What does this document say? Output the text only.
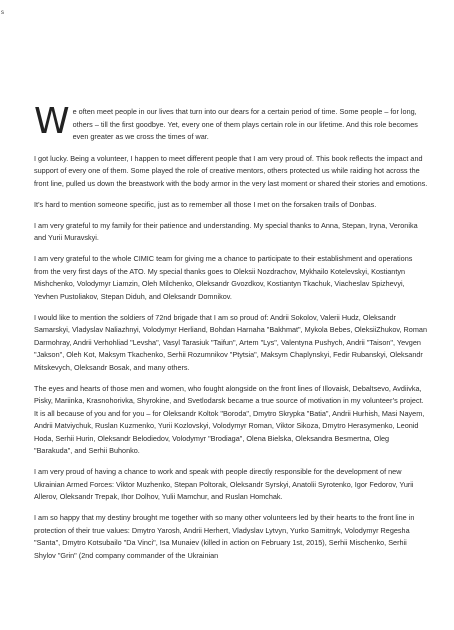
s

We often meet people in our lives that turn into our dears for a certain period of time. Some people – for long, others – till the first goodbye. Yet, every one of them plays certain role in our lifetime. And this role becomes even greater as we cross the times of war.

I got lucky. Being a volunteer, I happen to meet different people that I am very proud of. This book reflects the impact and support of every one of them. Some played the role of creative mentors, others protected us while raiding hot across the front line, pulled us down the breastwork with the body armor in the very last moment or shared their stories and emotions.

It’s hard to mention someone specific, just as to remember all those I met on the forsaken trails of Donbas.

I am very grateful to my family for their patience and understanding. My special thanks to Anna, Stepan, Iryna, Veronika and Yurii Muravskyi.

I am very grateful to the whole CIMIC team for giving me a chance to participate to their establishment and operations from the very first days of the ATO. My special thanks goes to Oleksii Nozdrachov, Mykhailo Kotelevskyi, Kostiantyn Mishchenko, Volodymyr Liamzin, Oleh Milchenko, Oleksandr Gvozdkov, Kostiantyn Tkachuk, Viacheslav Spizhevyi, Yevhen Pustoliakov, Stepan Diduh, and Oleksandr Domnikov.

I would like to mention the soldiers of 72nd brigade that I am so proud of: Andrii Sokolov, Valerii Hudz, Oleksandr Samarskyi, Vladyslav Naliazhnyi, Volodymyr Herliand, Bohdan Harnaha "Bakhmat", Mykola Bebes, OleksiiZhukov, Roman Darmohray, Andrii Verhohliad "Levsha", Vasyl Tarasiuk "Taifun", Artem "Lys", Valentyna Pushych, Andrii "Taison", Yevgen "Jakson", Oleh Kot, Maksym Tkachenko, Serhii Rozumnikov "Ptytsia", Maksym Chaplynskyi, Fedir Rubanskyi, Oleksandr Mitskevych, Oleksandr Bosak, and many others.

The eyes and hearts of those men and women, who fought alongside on the front lines of Illovaisk, Debaltsevo, Avdiivka, Pisky, Mariinka, Krasnohorivka, Shyrokine, and Svetlodarsk became a true source of motivation in my volunteer’s project. It is all because of you and for you – for Oleksandr Koltok "Boroda", Dmytro Skrypka "Batia", Andrii Hurhish, Masi Nayem, Andrii Matviychuk, Ruslan Kuzmenko, Yurii Kozlovskyi, Volodymyr Roman, Viktor Sikoza, Dmytro Herasymenko, Leonid Hoda, Serhii Hurin, Oleksandr Belodiedov, Volodymyr "Brodiaga", Olena Bielska, Oleksandra Besmertna, Oleg "Barakuda", and Serhii Buhonko.

I am very proud of having a chance to work and speak with people directly responsible for the development of new Ukrainian Armed Forces: Viktor Muzhenko, Stepan Poltorak, Oleksandr Syrskyi, Anatolii Syrotenko, Igor Fedorov, Yurii Allerov, Oleksandr Trepak, Ihor Dolhov, Yulii Mamchur, and Ruslan Homchak.

I am so happy that my destiny brought me together with so many other volunteers led by their hearts to the front line in protection of their true values: Dmytro Yarosh, Andrii Herhert, Vladyslav Lytvyn, Yurko Samitnyk, Volodymyr Regesha "Santa", Dmytro Kotsubailo "Da Vinci", Isa Munaiev (killed in action on February 1st, 2015), Serhii Mischenko, Serhii Shylov "Grin" (2nd company commander of the Ukrainian
